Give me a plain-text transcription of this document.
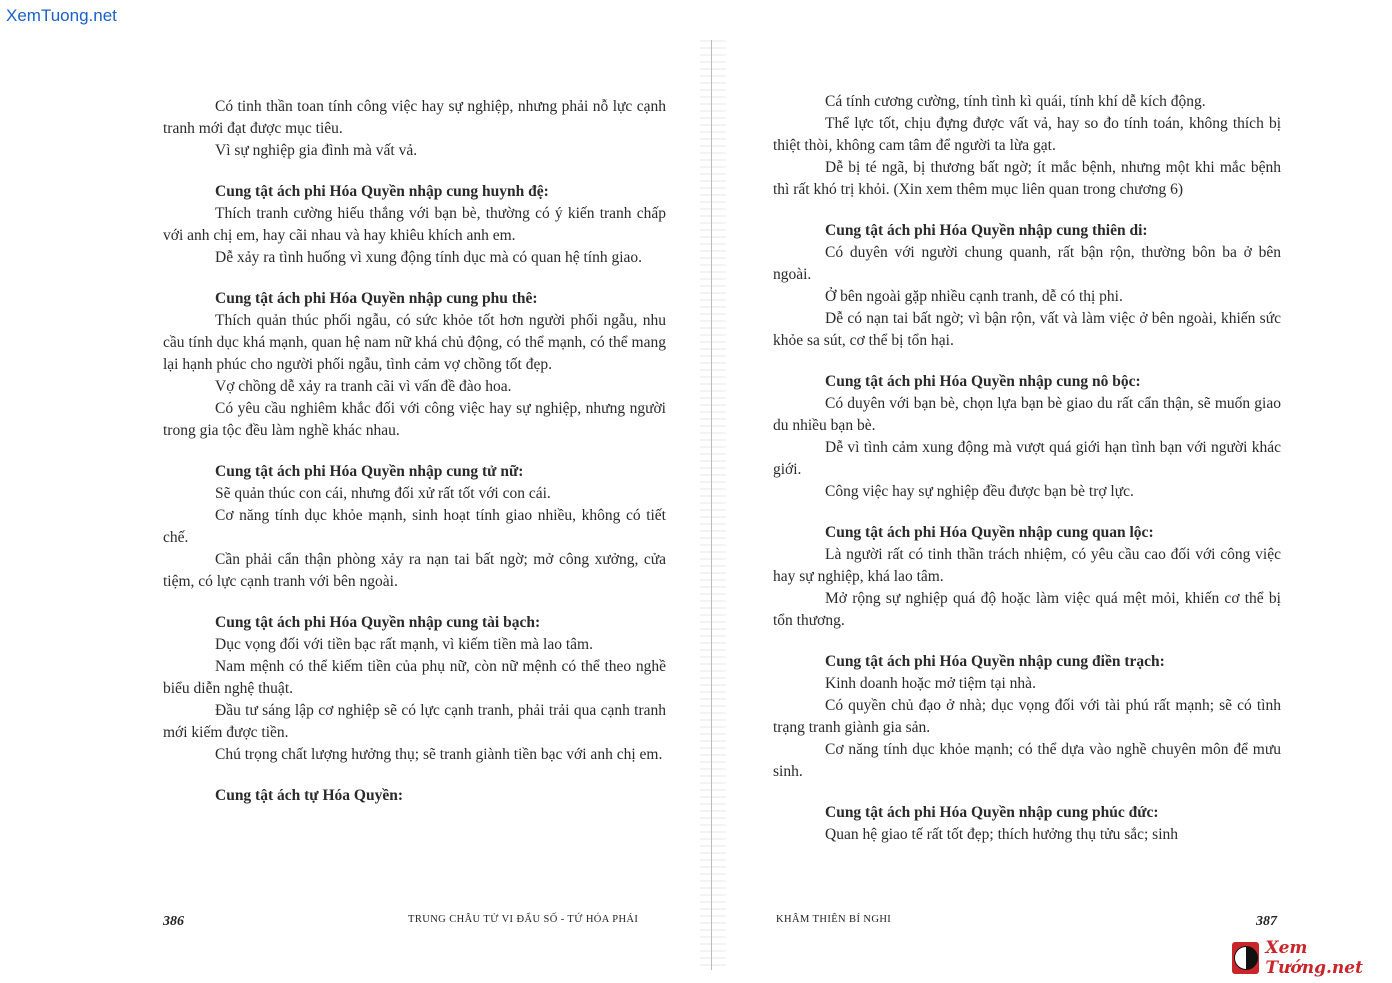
XemTuong.net

Có tinh thần toan tính công việc hay sự nghiệp, nhưng phải nỗ lực cạnh tranh mới đạt được mục tiêu.

Vì sự nghiệp gia đình mà vất vả.

Cung tật ách phi Hóa Quyền nhập cung huynh đệ:

Thích tranh cường hiếu thắng với bạn bè, thường có ý kiến tranh chấp với anh chị em, hay cãi nhau và hay khiêu khích anh em.

Dễ xảy ra tình huống vì xung động tính dục mà có quan hệ tính giao.

Cung tật ách phi Hóa Quyền nhập cung phu thê:

Thích quản thúc phối ngẫu, có sức khỏe tốt hơn người phối ngẫu, nhu cầu tính dục khá mạnh, quan hệ nam nữ khá chủ động, có thể mạnh, có thể mang lại hạnh phúc cho người phối ngẫu, tình cảm vợ chồng tốt đẹp.

Vợ chồng dễ xảy ra tranh cãi vì vấn đề đào hoa.

Có yêu cầu nghiêm khắc đối với công việc hay sự nghiệp, nhưng người trong gia tộc đều làm nghề khác nhau.

Cung tật ách phi Hóa Quyền nhập cung tử nữ:

Sẽ quản thúc con cái, nhưng đối xử rất tốt với con cái.

Cơ năng tính dục khỏe mạnh, sinh hoạt tính giao nhiều, không có tiết chế.

Cần phải cẩn thận phòng xảy ra nạn tai bất ngờ; mở công xưởng, cửa tiệm, có lực cạnh tranh với bên ngoài.

Cung tật ách phi Hóa Quyền nhập cung tài bạch:

Dục vọng đối với tiền bạc rất mạnh, vì kiếm tiền mà lao tâm.

Nam mệnh có thể kiếm tiền của phụ nữ, còn nữ mệnh có thể theo nghề biểu diễn nghệ thuật.

Đầu tư sáng lập cơ nghiệp sẽ có lực cạnh tranh, phải trải qua cạnh tranh mới kiếm được tiền.

Chú trọng chất lượng hưởng thụ; sẽ tranh giành tiền bạc với anh chị em.

Cung tật ách tự Hóa Quyền:
386	TRUNG CHÂU TỬ VI ĐẨU SỐ - TỨ HÓA PHÁI

Cá tính cương cường, tính tình kì quái, tính khí dễ kích động.

Thể lực tốt, chịu đựng được vất vả, hay so đo tính toán, không thích bị thiệt thòi, không cam tâm để người ta lừa gạt.

Dễ bị té ngã, bị thương bất ngờ; ít mắc bệnh, nhưng một khi mắc bệnh thì rất khó trị khỏi. (Xin xem thêm mục liên quan trong chương 6)

Cung tật ách phi Hóa Quyền nhập cung thiên di:

Có duyên với người chung quanh, rất bận rộn, thường bôn ba ở bên ngoài.

Ở bên ngoài gặp nhiều cạnh tranh, dễ có thị phi.

Dễ có nạn tai bất ngờ; vì bận rộn, vất và làm việc ở bên ngoài, khiến sức khỏe sa sút, cơ thể bị tổn hại.

Cung tật ách phi Hóa Quyền nhập cung nô bộc:

Có duyên với bạn bè, chọn lựa bạn bè giao du rất cẩn thận, sẽ muốn giao du nhiều bạn bè.

Dễ vì tình cảm xung động mà vượt quá giới hạn tình bạn với người khác giới.

Công việc hay sự nghiệp đều được bạn bè trợ lực.

Cung tật ách phi Hóa Quyền nhập cung quan lộc:

Là người rất có tinh thần trách nhiệm, có yêu cầu cao đối với công việc hay sự nghiệp, khá lao tâm.

Mở rộng sự nghiệp quá độ hoặc làm việc quá mệt mỏi, khiến cơ thể bị tổn thương.

Cung tật ách phi Hóa Quyền nhập cung điền trạch:

Kinh doanh hoặc mở tiệm tại nhà.

Có quyền chủ đạo ở nhà; dục vọng đối với tài phú rất mạnh; sẽ có tình trạng tranh giành gia sản.

Cơ năng tính dục khỏe mạnh; có thể dựa vào nghề chuyên môn để mưu sinh.

Cung tật ách phi Hóa Quyền nhập cung phúc đức:

Quan hệ giao tế rất tốt đẹp; thích hưởng thụ tửu sắc; sinh

KHÂM THIÊN BÍ NGHI	387
Xem Tướng.net
